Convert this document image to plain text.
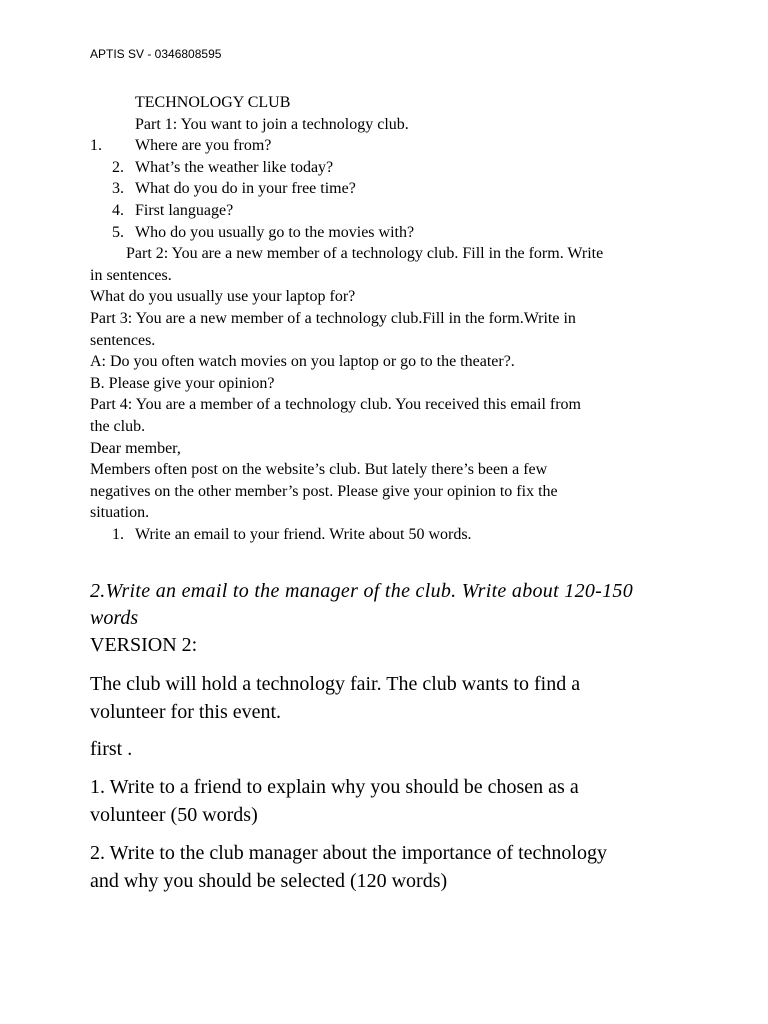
APTIS SV - 0346808595

TECHNOLOGY CLUB

Part 1: You want to join a technology club.

1.	Where are you from?
2. What’s the weather like today?
3. What do you do in your free time?
4. First language?
5. Who do you usually go to the movies with?

Part 2: You are a new member of a technology club. Fill in the form. Write

in sentences.

What do you usually use your laptop for?

Part 3: You are a new member of a technology club.Fill in the form.Write in

sentences.

A: Do you often watch movies on you laptop or go to the theater?.

B. Please give your opinion?

Part 4: You are a member of a technology club. You received this email from

the club.

Dear member,

Members often post on the website’s club. But lately there’s been a few

negatives on the other member’s post. Please give your opinion to fix the

situation.

1. Write an email to your friend. Write about 50 words.

2.Write an email to the manager of the club. Write about 120-150

words

VERSION 2:

The club will hold a technology fair. The club wants to find a

volunteer for this event.

first .

1. Write to a friend to explain why you should be chosen as a

volunteer (50 words)

2. Write to the club manager about the importance of technology

and why you should be selected (120 words)
